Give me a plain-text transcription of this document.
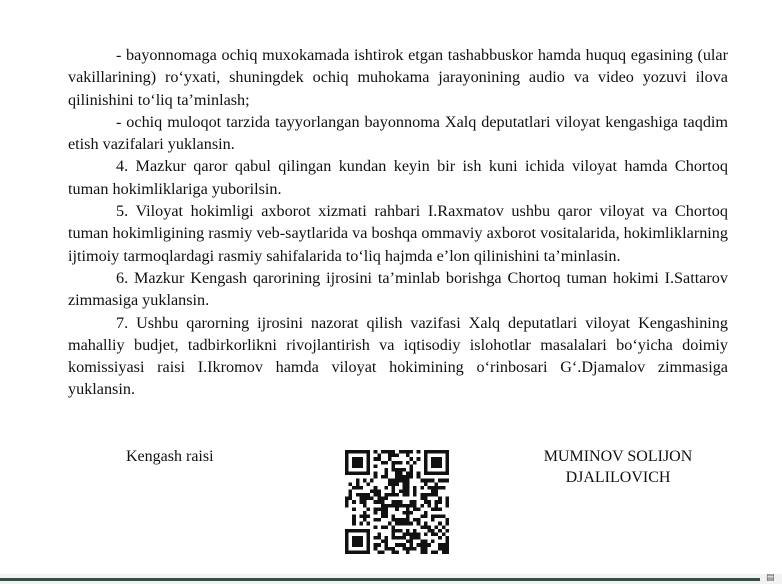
- bayonnomaga ochiq muxokamada ishtirok etgan tashabbuskor hamda huquq egasining (ular vakillarining) ro‘yxati, shuningdek ochiq muhokama jarayonining audio va video yozuvi ilova qilinishini to‘liq ta’minlash;

- ochiq muloqot tarzida tayyorlangan bayonnoma Xalq deputatlari viloyat kengashiga taqdim etish vazifalari yuklansin.

4. Mazkur qaror qabul qilingan kundan keyin bir ish kuni ichida viloyat hamda Chortoq tuman hokimliklariga yuborilsin.

5. Viloyat hokimligi axborot xizmati rahbari I.Raxmatov ushbu qaror viloyat va Chortoq tuman hokimligining rasmiy veb-saytlarida va boshqa ommaviy axborot vositalarida, hokimliklarning ijtimoiy tarmoqlardagi rasmiy sahifalarida to‘liq hajmda e’lon qilinishini ta’minlasin.

6. Mazkur Kengash qarorining ijrosini ta’minlab borishga Chortoq tuman hokimi I.Sattarov zimmasiga yuklansin.

7. Ushbu qarorning ijrosini nazorat qilish vazifasi Xalq deputatlari viloyat Kengashining mahalliy budjet, tadbirkorlikni rivojlantirish va iqtisodiy islohotlar masalalari bo‘yicha doimiy komissiyasi raisi I.Ikromov hamda viloyat hokimining o‘rinbosari G‘.Djamalov zimmasiga yuklansin.

Kengash raisi	MUMINOV SOLIJON
DJALILOVICH
▤
